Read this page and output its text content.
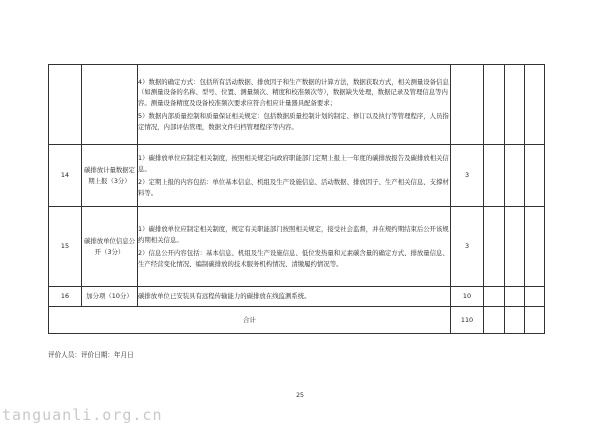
		4）数据的确定方式：包括所有活动数据、排放因子和生产数据的计算方法，数据获取方式，相关测量设备信息（如测量设备的名称、型号、位置、测量频次、精度和校准频次等），数据缺失处理，数据记录及管理信息等内容。测量设备精度及设备校准频次要求应符合相应计量器具配备要求；

5）数据内部质量控制和质量保证相关规定：包括数据质量控制计划的制定、修订以及执行等管理程序，人员指定情况，内部评估管理，数据文件归档管理程序等内容。				

14	碳排放计量数据定期上报（3分）	1）碳排放单位应制定相关制度，按照相关规定向政府职能部门定期上报上一年度的碳排放报告及碳排放相关信息。

2）定期上报的内容包括：单位基本信息、机组及生产设施信息、活动数据、排放因子、生产相关信息、支撑材料等。	3			
15	碳排放单位信息公开（3分）	1）碳排放单位应制定相关制度，规定有关职能部门按照相关规定，接受社会监督，并在规约期结束后公开该规约期相关信息。

2）信息公开内容包括：基本信息、机组及生产设施信息、低位发热量和元素碳含量的确定方式、排放量信息、生产经营变化情况、编制碳排放的技术服务机构情况、清缴履约情况等。	3			
16	加分项（10分）	碳排放单位已安装具有远程传输能力的碳排放在线监测系统。	10			
合计			110			
评价人员：评价日期：年月日
25
tanguanli.org.cn
